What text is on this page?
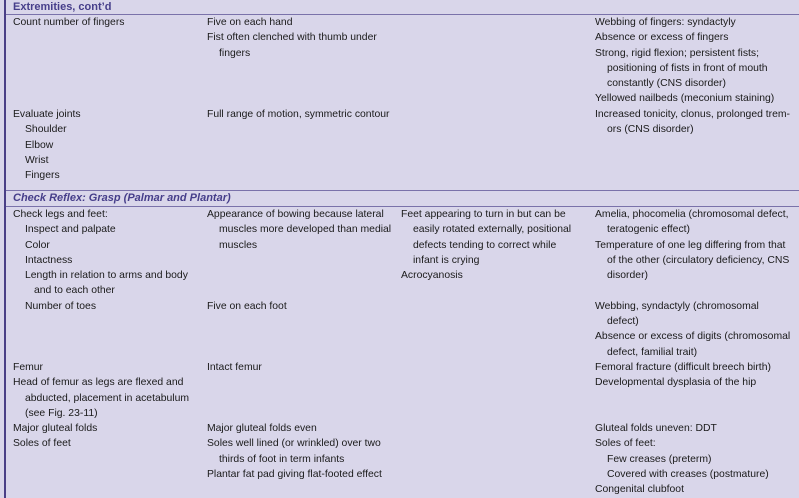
Extremities, cont’d
Count number of fingers	Five on each hand
Fist often clenched with thumb under
fingers
Webbing of fingers: syndactyly
Absence or excess of fingers
Strong, rigid flexion; persistent fists;
positioning of fists in front of mouth
constantly (CNS disorder)
Yellowed nailbeds (meconium staining)
Evaluate joints
Shoulder
Elbow
Wrist
Fingers
Full range of motion, symmetric contour	Increased tonicity, clonus, prolonged trem-
ors (CNS disorder)
Check Reflex: Grasp (Palmar and Plantar)
Check legs and feet:
Inspect and palpate
Color
Intactness
Length in relation to arms and body
and to each other
Number of toes
Appearance of bowing because lateral
muscles more developed than medial
muscles
Five on each foot
Feet appearing to turn in but can be
easily rotated externally, positional
defects tending to correct while
infant is crying
Acrocyanosis
Amelia, phocomelia (chromosomal defect,
teratogenic effect)
Temperature of one leg differing from that
of the other (circulatory deficiency, CNS
disorder)
Webbing, syndactyly (chromosomal
defect)
Absence or excess of digits (chromosomal
defect, familial trait)
Femur
Head of femur as legs are flexed and
abducted, placement in acetabulum
(see Fig. 23-11)
Major gluteal folds
Soles of feet
Intact femur
Major gluteal folds even
Soles well lined (or wrinkled) over two
thirds of foot in term infants
Plantar fat pad giving flat-footed effect
Femoral fracture (difficult breech birth)
Developmental dysplasia of the hip
Gluteal folds uneven: DDT
Soles of feet:
Few creases (preterm)
Covered with creases (postmature)
Congenital clubfoot
